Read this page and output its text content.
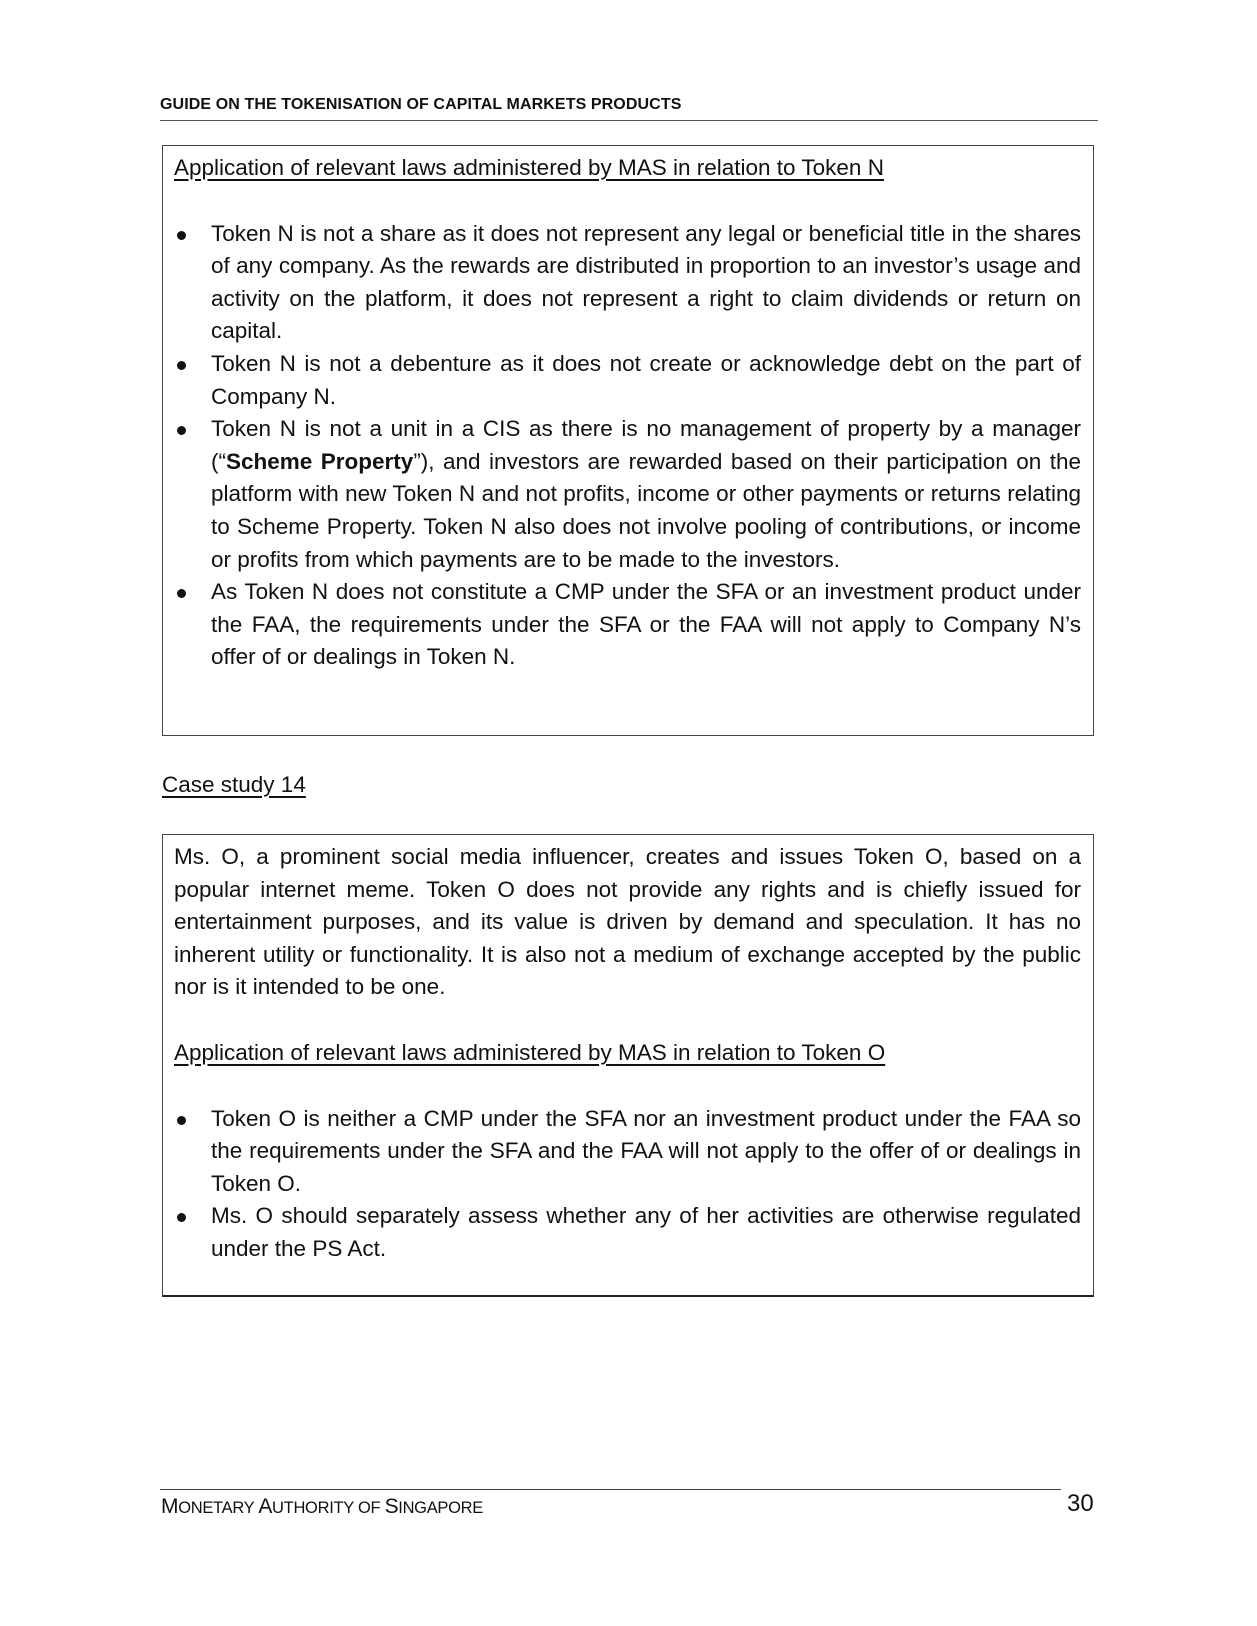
GUIDE ON THE TOKENISATION OF CAPITAL MARKETS PRODUCTS
Application of relevant laws administered by MAS in relation to Token N
Token N is not a share as it does not represent any legal or beneficial title in the shares of any company. As the rewards are distributed in proportion to an investor’s usage and activity on the platform, it does not represent a right to claim dividends or return on capital.
Token N is not a debenture as it does not create or acknowledge debt on the part of Company N.
Token N is not a unit in a CIS as there is no management of property by a manager (“Scheme Property”), and investors are rewarded based on their participation on the platform with new Token N and not profits, income or other payments or returns relating to Scheme Property. Token N also does not involve pooling of contributions, or income or profits from which payments are to be made to the investors.
As Token N does not constitute a CMP under the SFA or an investment product under the FAA, the requirements under the SFA or the FAA will not apply to Company N’s offer of or dealings in Token N.
Case study 14

Ms. O, a prominent social media influencer, creates and issues Token O, based on a popular internet meme. Token O does not provide any rights and is chiefly issued for entertainment purposes, and its value is driven by demand and speculation. It has no inherent utility or functionality. It is also not a medium of exchange accepted by the public nor is it intended to be one.

Application of relevant laws administered by MAS in relation to Token O
Token O is neither a CMP under the SFA nor an investment product under the FAA so the requirements under the SFA and the FAA will not apply to the offer of or dealings in Token O.
Ms. O should separately assess whether any of her activities are otherwise regulated under the PS Act.
MONETARY AUTHORITY OF SINGAPORE	30
